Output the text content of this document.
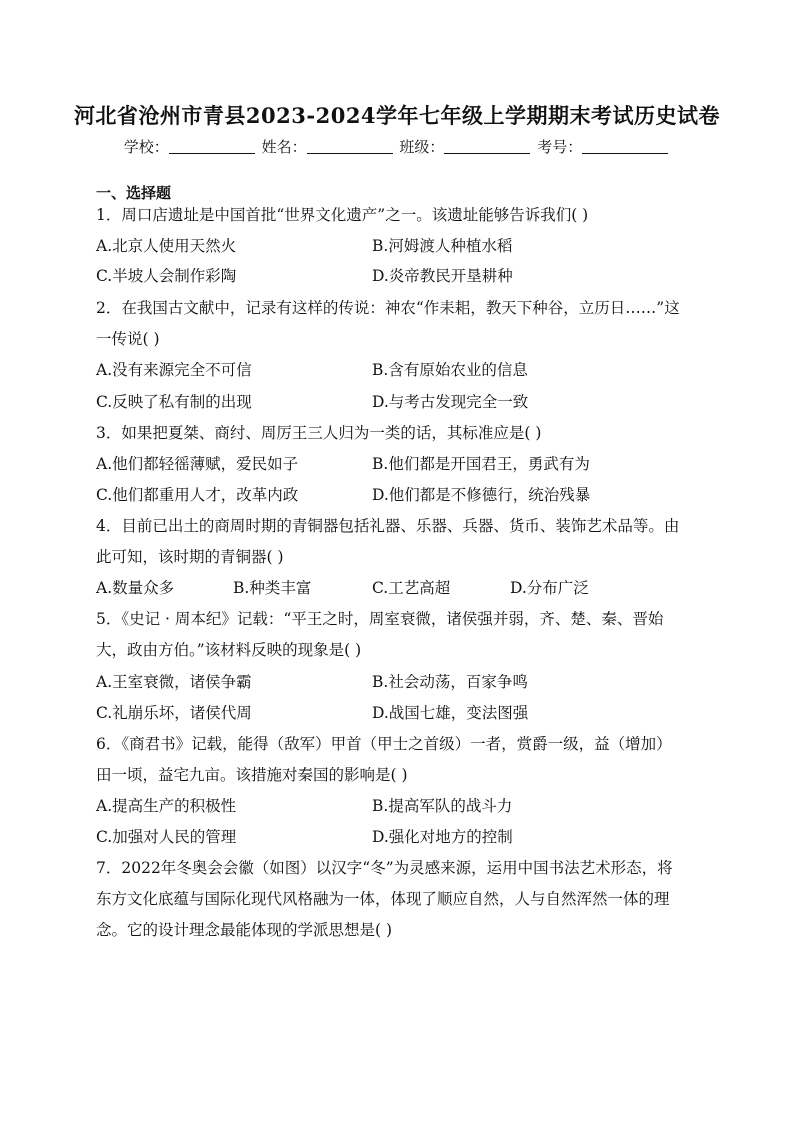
河北省沧州市青县2023-2024学年七年级上学期期末考试历史试卷
学校：	姓名：	班级：	考号：
一、选择题
1．周口店遗址是中国首批“世界文化遗产”之一。该遗址能够告诉我们( )
A.北京人使用天然火	B.河姆渡人种植水稻
C.半坡人会制作彩陶	D.炎帝教民开垦耕种
2．在我国古文献中，记录有这样的传说：神农“作耒耜，教天下种谷，立历日……”这
一传说( )
A.没有来源完全不可信	B.含有原始农业的信息
C.反映了私有制的出现	D.与考古发现完全一致
3．如果把夏桀、商纣、周厉王三人归为一类的话，其标准应是( )
A.他们都轻徭薄赋，爱民如子	B.他们都是开国君王，勇武有为
C.他们都重用人才，改革内政	D.他们都是不修德行，统治残暴
4．目前已出土的商周时期的青铜器包括礼器、乐器、兵器、货币、装饰艺术品等。由
此可知，该时期的青铜器( )
A.数量众多	B.种类丰富	C.工艺高超	D.分布广泛
5．《史记 · 周本纪》记载：“平王之时，周室衰微，诸侯强并弱，齐、楚、秦、晋始
大，政由方伯。”该材料反映的现象是( )
A.王室衰微，诸侯争霸	B.社会动荡，百家争鸣
C.礼崩乐坏，诸侯代周	D.战国七雄，变法图强
6．《商君书》记载，能得（敌军）甲首（甲士之首级）一者，赏爵一级，益（增加）
田一顷，益宅九亩。该措施对秦国的影响是( )
A.提高生产的积极性	B.提高军队的战斗力
C.加强对人民的管理	D.强化对地方的控制
7．2022年冬奥会会徽（如图）以汉字“冬”为灵感来源，运用中国书法艺术形态，将
东方文化底蕴与国际化现代风格融为一体，体现了顺应自然，人与自然浑然一体的理
念。它的设计理念最能体现的学派思想是( )
